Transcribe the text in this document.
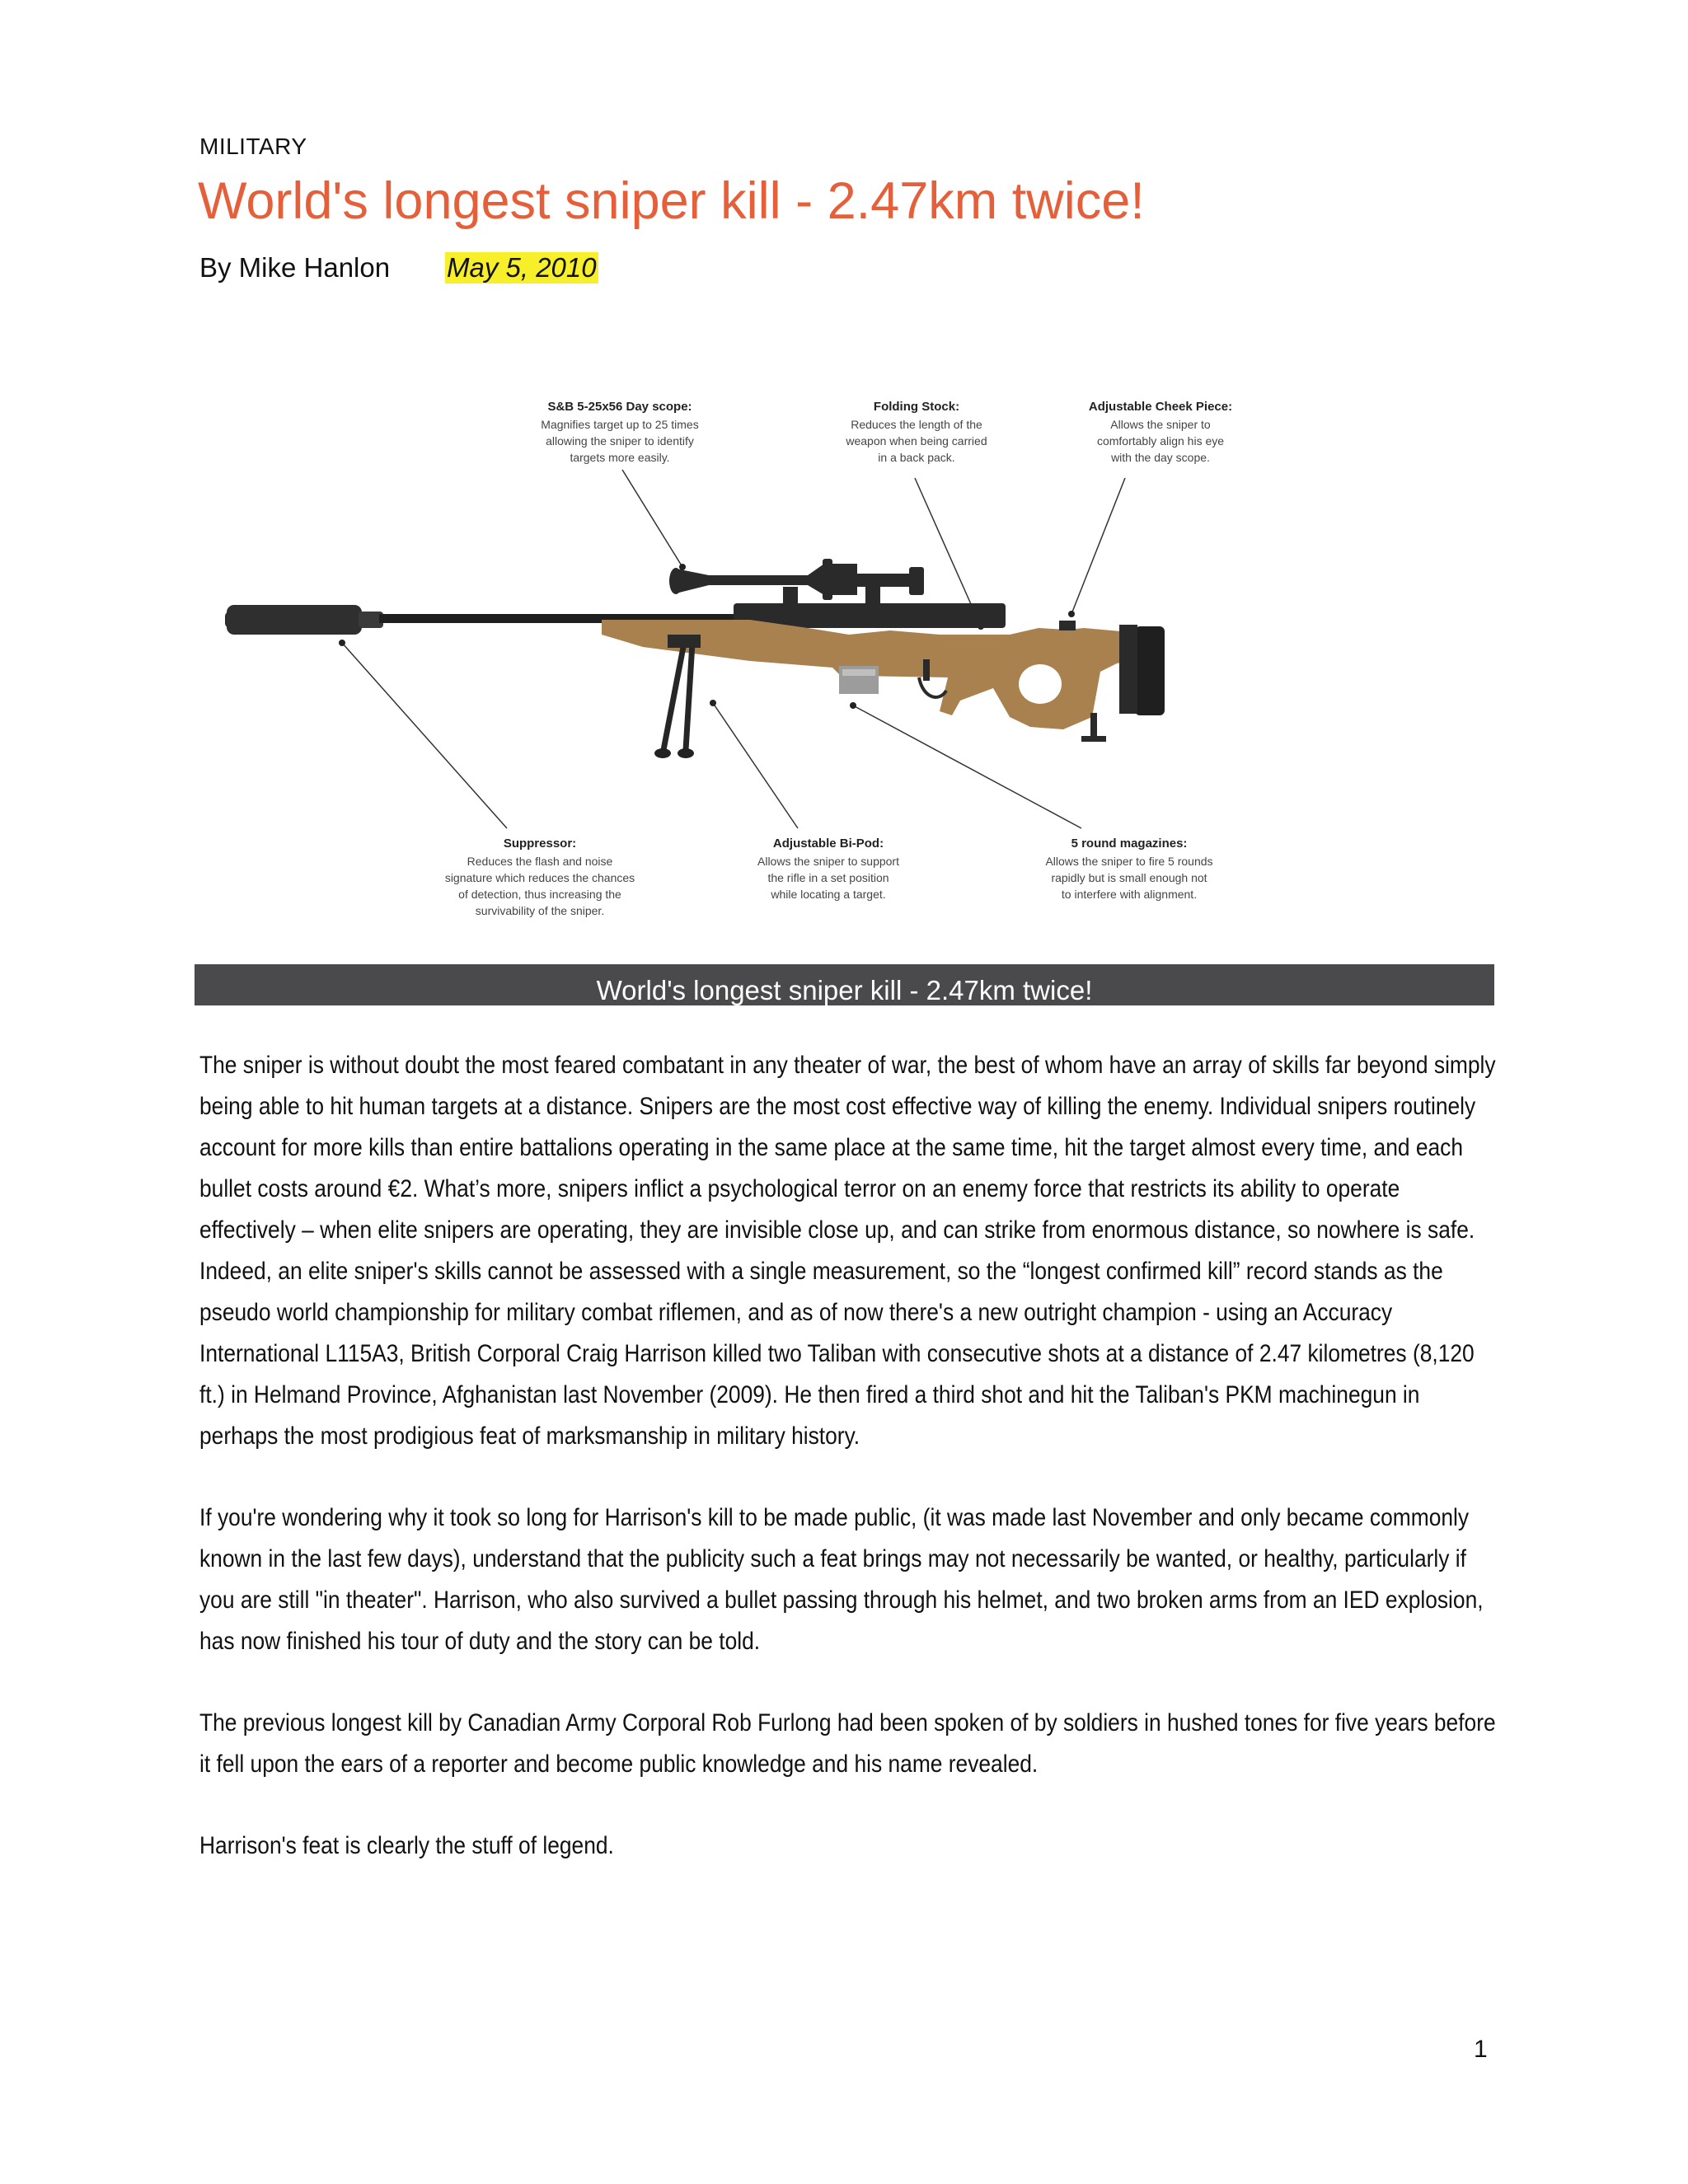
MILITARY
World's longest sniper kill - 2.47km twice!
By Mike Hanlon May 5, 2010
S&B 5-25x56 Day scope:
Magnifies target up to 25 times
allowing the sniper to identify
targets more easily.
Folding Stock:
Reduces the length of the
weapon when being carried
in a back pack.
Adjustable Cheek Piece:
Allows the sniper to
comfortably align his eye
with the day scope.
Suppressor:
Reduces the flash and noise
signature which reduces the chances
of detection, thus increasing the
survivability of the sniper.
Adjustable Bi-Pod:
Allows the sniper to support
the rifle in a set position
while locating a target.
5 round magazines:
Allows the sniper to fire 5 rounds
rapidly but is small enough not
to interfere with alignment.
World's longest sniper kill - 2.47km twice!

The sniper is without doubt the most feared combatant in any theater of war, the best of whom have an array of skills far beyond simply being able to hit human targets at a distance. Snipers are the most cost effective way of killing the enemy. Individual snipers routinely account for more kills than entire battalions operating in the same place at the same time, hit the target almost every time, and each bullet costs around €2. What’s more, snipers inflict a psychological terror on an enemy force that restricts its ability to operate effectively – when elite snipers are operating, they are invisible close up, and can strike from enormous distance, so nowhere is safe. Indeed, an elite sniper's skills cannot be assessed with a single measurement, so the “longest confirmed kill” record stands as the pseudo world championship for military combat riflemen, and as of now there's a new outright champion - using an Accuracy International L115A3, British Corporal Craig Harrison killed two Taliban with consecutive shots at a distance of 2.47 kilometres (8,120 ft.) in Helmand Province, Afghanistan last November (2009). He then fired a third shot and hit the Taliban's PKM machinegun in perhaps the most prodigious feat of marksmanship in military history.

If you're wondering why it took so long for Harrison's kill to be made public, (it was made last November and only became commonly known in the last few days), understand that the publicity such a feat brings may not necessarily be wanted, or healthy, particularly if you are still "in theater". Harrison, who also survived a bullet passing through his helmet, and two broken arms from an IED explosion, has now finished his tour of duty and the story can be told.

The previous longest kill by Canadian Army Corporal Rob Furlong had been spoken of by soldiers in hushed tones for five years before it fell upon the ears of a reporter and become public knowledge and his name revealed.

Harrison's feat is clearly the stuff of legend.

1
